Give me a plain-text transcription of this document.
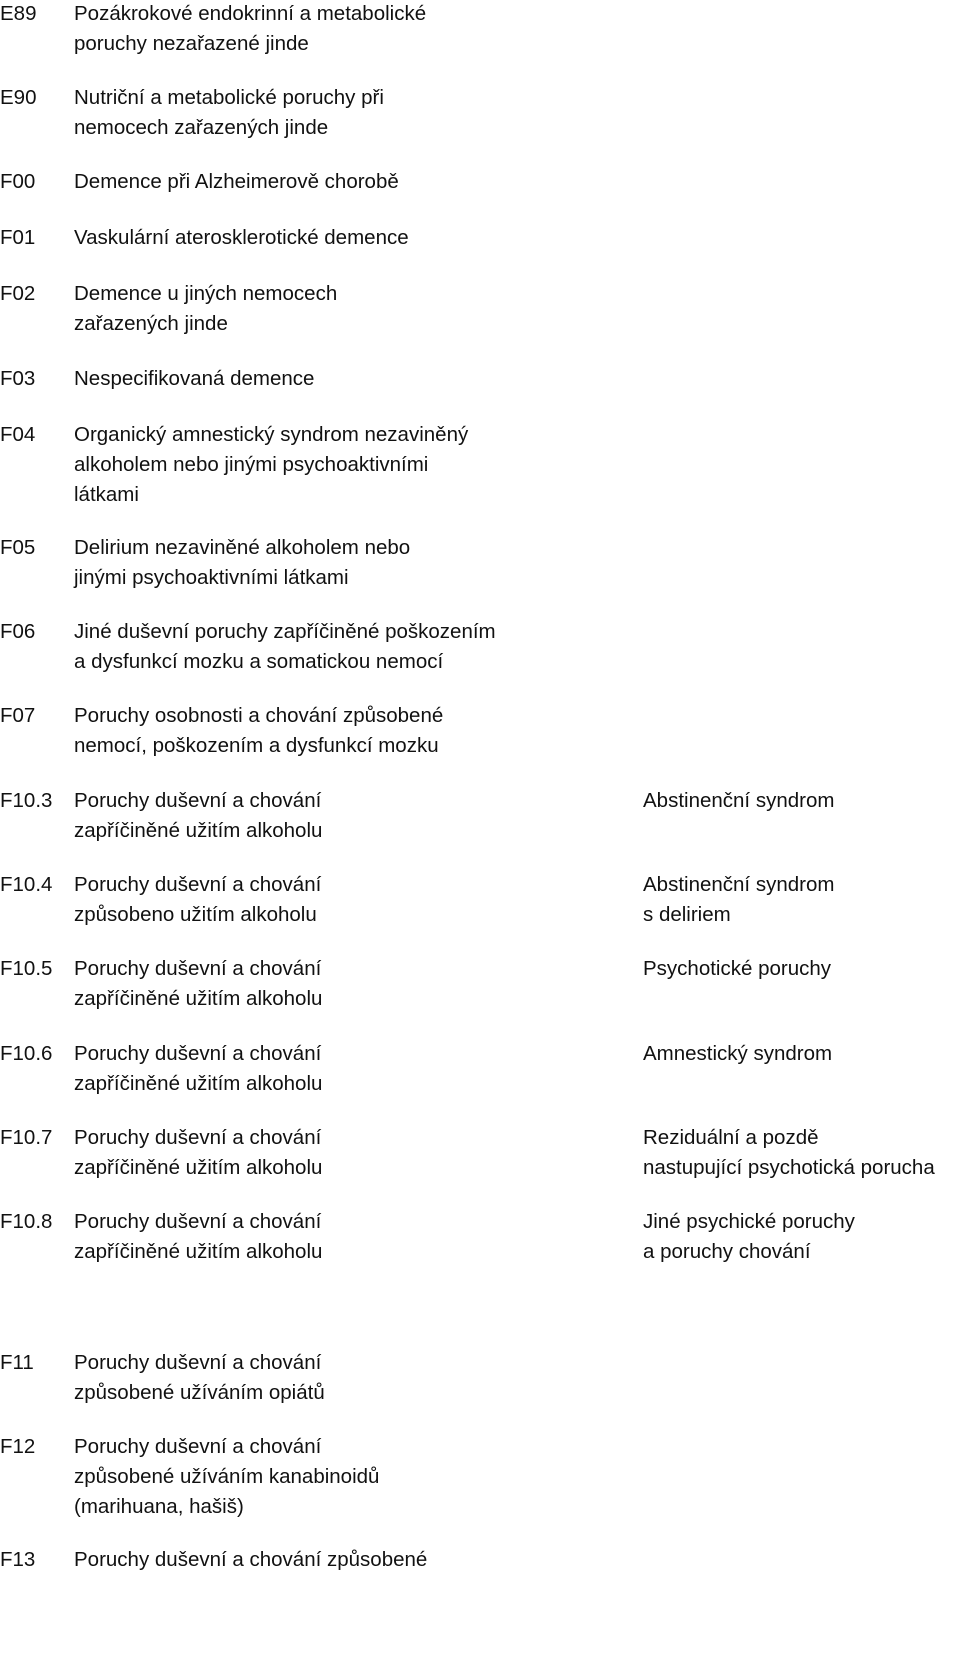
E89 Pozákrokové endokrinní a metabolické
poruchy nezařazené jinde
E90 Nutriční a metabolické poruchy při
nemocech zařazených jinde
F00 Demence při Alzheimerově chorobě
F01 Vaskulární aterosklerotické demence
F02 Demence u jiných nemocech
zařazených jinde
F03 Nespecifikovaná demence
F04 Organický amnestický syndrom nezaviněný
alkoholem nebo jinými psychoaktivními
látkami
F05 Delirium nezaviněné alkoholem nebo
jinými psychoaktivními látkami
F06 Jiné duševní poruchy zapříčiněné poškozením
a dysfunkcí mozku a somatickou nemocí
F07 Poruchy osobnosti a chování způsobené
nemocí, poškozením a dysfunkcí mozku
F10.3 Poruchy duševní a chování
zapříčiněné užitím alkoholu
Abstinenční syndrom
F10.4 Poruchy duševní a chování
způsobeno užitím alkoholu
Abstinenční syndrom
s deliriem
F10.5 Poruchy duševní a chování
zapříčiněné užitím alkoholu
Psychotické poruchy
F10.6 Poruchy duševní a chování
zapříčiněné užitím alkoholu
Amnestický syndrom
F10.7 Poruchy duševní a chování
zapříčiněné užitím alkoholu
Reziduální a pozdě
nastupující psychotická porucha
F10.8 Poruchy duševní a chování
zapříčiněné užitím alkoholu
Jiné psychické poruchy
a poruchy chování
F11 Poruchy duševní a chování
způsobené užíváním opiátů
F12 Poruchy duševní a chování
způsobené užíváním kanabinoidů
(marihuana, hašiš)
F13 Poruchy duševní a chování způsobené
